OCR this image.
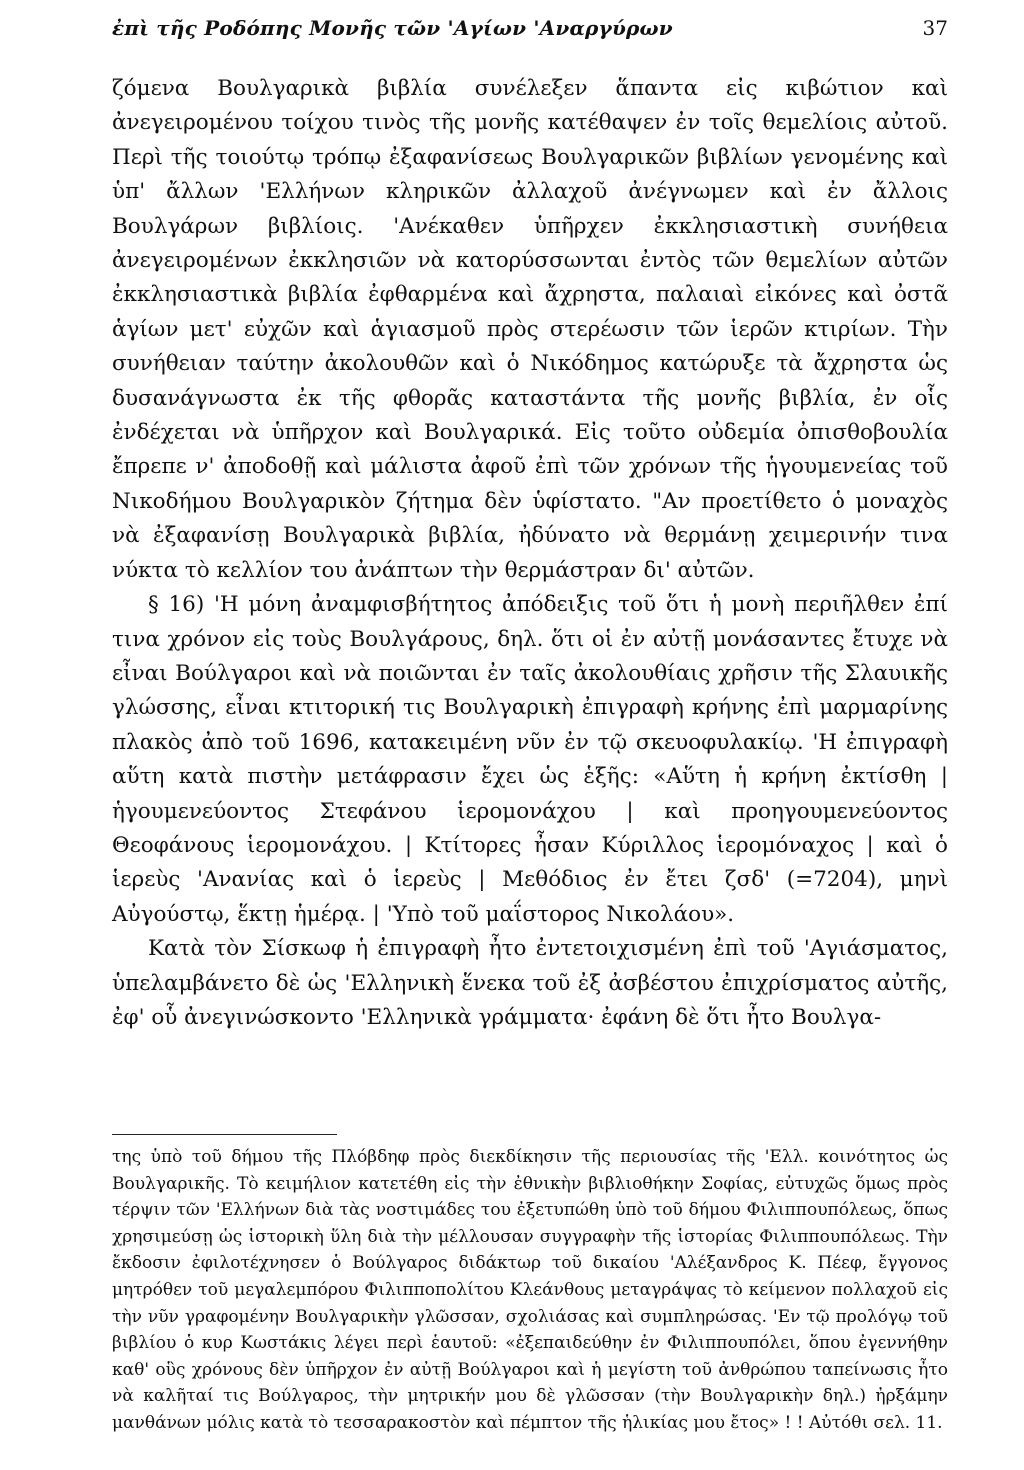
ἐπὶ τῆς Ροδόπης Μονῆς τῶν 'Αγίων 'Αναργύρων	37

ζόμενα Βουλγαρικὰ βιβλία συνέλεξεν ἅπαντα εἰς κιβώτιον καὶ ἀνεγειρομένου τοίχου τινὸς τῆς μονῆς κατέθαψεν ἐν τοῖς θεμελίοις αὐτοῦ. Περὶ τῆς τοιούτῳ τρόπῳ ἐξαφανίσεως Βουλγαρικῶν βιβλίων γενομένης καὶ ὑπ' ἄλλων 'Ελλήνων κληρικῶν ἀλλαχοῦ ἀνέγνωμεν καὶ ἐν ἄλλοις Βουλγάρων βιβλίοις. 'Ανέκαθεν ὑπῆρχεν ἐκκλησιαστικὴ συνήθεια ἀνεγειρομένων ἐκκλησιῶν νὰ κατορύσσωνται ἐντὸς τῶν θεμελίων αὐτῶν ἐκκλησιαστικὰ βιβλία ἐφθαρμένα καὶ ἄχρηστα, παλαιαὶ εἰκόνες καὶ ὀστᾶ ἁγίων μετ' εὐχῶν καὶ ἁγιασμοῦ πρὸς στερέωσιν τῶν ἱερῶν κτιρίων. Τὴν συνήθειαν ταύτην ἀκολουθῶν καὶ ὁ Νικόδημος κατώρυξε τὰ ἄχρηστα ὡς δυσανάγνωστα ἐκ τῆς φθορᾶς καταστάντα τῆς μονῆς βιβλία, ἐν οἷς ἐνδέχεται νὰ ὑπῆρχον καὶ Βουλγαρικά. Εἰς τοῦτο οὐδεμία ὀπισθοβουλία ἔπρεπε ν' ἀποδοθῇ καὶ μάλιστα ἀφοῦ ἐπὶ τῶν χρόνων τῆς ἡγουμενείας τοῦ Νικοδήμου Βουλγαρικὸν ζήτημα δὲν ὑφίστατο. "Αν προετίθετο ὁ μοναχὸς νὰ ἐξαφανίσῃ Βουλγαρικὰ βιβλία, ἠδύνατο νὰ θερμάνῃ χειμερινήν τινα νύκτα τὸ κελλίον του ἀνάπτων τὴν θερμάστραν δι' αὐτῶν.

§ 16) 'Η μόνη ἀναμφισβήτητος ἀπόδειξις τοῦ ὅτι ἡ μονὴ περιῆλθεν ἐπί τινα χρόνον εἰς τοὺς Βουλγάρους, δηλ. ὅτι οἱ ἐν αὐτῇ μονάσαντες ἔτυχε νὰ εἶναι Βούλγαροι καὶ νὰ ποιῶνται ἐν ταῖς ἀκολουθίαις χρῆσιν τῆς Σλαυικῆς γλώσσης, εἶναι κτιτορική τις Βουλγαρικὴ ἐπιγραφὴ κρήνης ἐπὶ μαρμαρίνης πλακὸς ἀπὸ τοῦ 1696, κατακειμένη νῦν ἐν τῷ σκευοφυλακίῳ. 'Η ἐπιγραφὴ αὕτη κατὰ πιστὴν μετάφρασιν ἔχει ὡς ἑξῆς: «Αὕτη ἡ κρήνη ἐκτίσθη | ἡγουμενεύοντος Στεφάνου ἱερομονάχου | καὶ προηγουμενεύοντος Θεοφάνους ἱερομονάχου. | Κτίτορες ἦσαν Κύριλλος ἱερομόναχος | καὶ ὁ ἱερεὺς 'Ανανίας καὶ ὁ ἱερεὺς | Μεθόδιος ἐν ἔτει ζσδ' (=7204), μηνὶ Αὐγούστῳ, ἕκτῃ ἡμέρᾳ. | 'Υπὸ τοῦ μαΐστορος Νικολάου».

Κατὰ τὸν Σίσκωφ ἡ ἐπιγραφὴ ἦτο ἐντετοιχισμένη ἐπὶ τοῦ 'Αγιάσματος, ὑπελαμβάνετο δὲ ὡς 'Ελληνικὴ ἕνεκα τοῦ ἐξ ἀσβέστου ἐπιχρίσματος αὐτῆς, ἐφ' οὗ ἀνεγινώσκοντο 'Ελληνικὰ γράμματα· ἐφάνη δὲ ὅτι ἦτο Βουλγα-

της ὑπὸ τοῦ δήμου τῆς Πλόβδηφ πρὸς διεκδίκησιν τῆς περιουσίας τῆς 'Ελλ. κοινότητος ὡς Βουλγαρικῆς. Τὸ κειμήλιον κατετέθη εἰς τὴν ἐθνικὴν βιβλιοθήκην Σοφίας, εὐτυχῶς ὅμως πρὸς τέρψιν τῶν 'Ελλήνων διὰ τὰς νοστιμάδες του ἐξετυπώθη ὑπὸ τοῦ δήμου Φιλιππουπόλεως, ὅπως χρησιμεύσῃ ὡς ἱστορικὴ ὕλη διὰ τὴν μέλλουσαν συγγραφὴν τῆς ἱστορίας Φιλιππουπόλεως. Τὴν ἔκδοσιν ἐφιλοτέχνησεν ὁ Βούλγαρος διδάκτωρ τοῦ δικαίου 'Αλέξανδρος Κ. Πέεφ, ἔγγονος μητρόθεν τοῦ μεγαλεμπόρου Φιλιπποπολίτου Κλεάνθους μεταγράψας τὸ κείμενον πολλαχοῦ εἰς τὴν νῦν γραφομένην Βουλγαρικὴν γλῶσσαν, σχολιάσας καὶ συμπληρώσας. 'Εν τῷ προλόγῳ τοῦ βιβλίου ὁ κυρ Κωστάκις λέγει περὶ ἑαυτοῦ: «ἐξεπαιδεύθην ἐν Φιλιππουπόλει, ὅπου ἐγεννήθην καθ' οὓς χρόνους δὲν ὑπῆρχον ἐν αὐτῇ Βούλγαροι καὶ ἡ μεγίστη τοῦ ἀνθρώπου ταπείνωσις ἦτο νὰ καλῆταί τις Βούλγαρος, τὴν μητρικήν μου δὲ γλῶσσαν (τὴν Βουλγαρικὴν δηλ.) ἠρξάμην μανθάνων μόλις κατὰ τὸ τεσσαρακοστὸν καὶ πέμπτον τῆς ἡλικίας μου ἔτος» ! ! Αὐτόθι σελ. 11.
